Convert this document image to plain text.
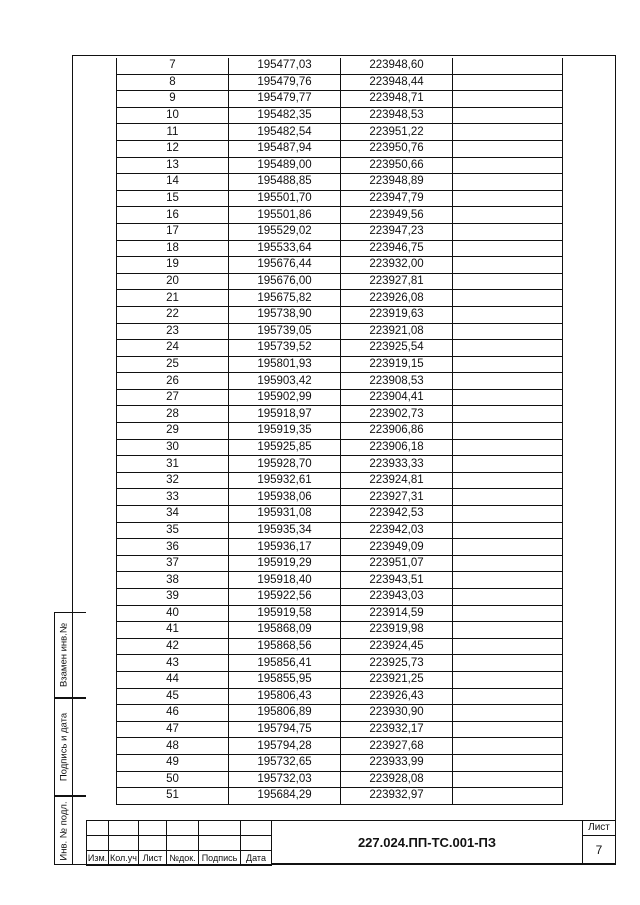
7	195477,03	223948,60	
8	195479,76	223948,44	
9	195479,77	223948,71	
10	195482,35	223948,53	
11	195482,54	223951,22	
12	195487,94	223950,76	
13	195489,00	223950,66	
14	195488,85	223948,89	
15	195501,70	223947,79	
16	195501,86	223949,56	
17	195529,02	223947,23	
18	195533,64	223946,75	
19	195676,44	223932,00	
20	195676,00	223927,81	
21	195675,82	223926,08	
22	195738,90	223919,63	
23	195739,05	223921,08	
24	195739,52	223925,54	
25	195801,93	223919,15	
26	195903,42	223908,53	
27	195902,99	223904,41	
28	195918,97	223902,73	
29	195919,35	223906,86	
30	195925,85	223906,18	
31	195928,70	223933,33	
32	195932,61	223924,81	
33	195938,06	223927,31	
34	195931,08	223942,53	
35	195935,34	223942,03	
36	195936,17	223949,09	
37	195919,29	223951,07	
38	195918,40	223943,51	
39	195922,56	223943,03	
40	195919,58	223914,59	
41	195868,09	223919,98	
42	195868,56	223924,45	
43	195856,41	223925,73	
44	195855,95	223921,25	
45	195806,43	223926,43	
46	195806,89	223930,90	
47	195794,75	223932,17	
48	195794,28	223927,68	
49	195732,65	223933,99	
50	195732,03	223928,08	
51	195684,29	223932,97	
Взамен инв.№
Подпись и дата
Инв. № подл.

					Изм.	Кол.уч	Лист	№док.	Подпись	Дата
227.024.ПП-ТС.001-ПЗ
Лист
7
